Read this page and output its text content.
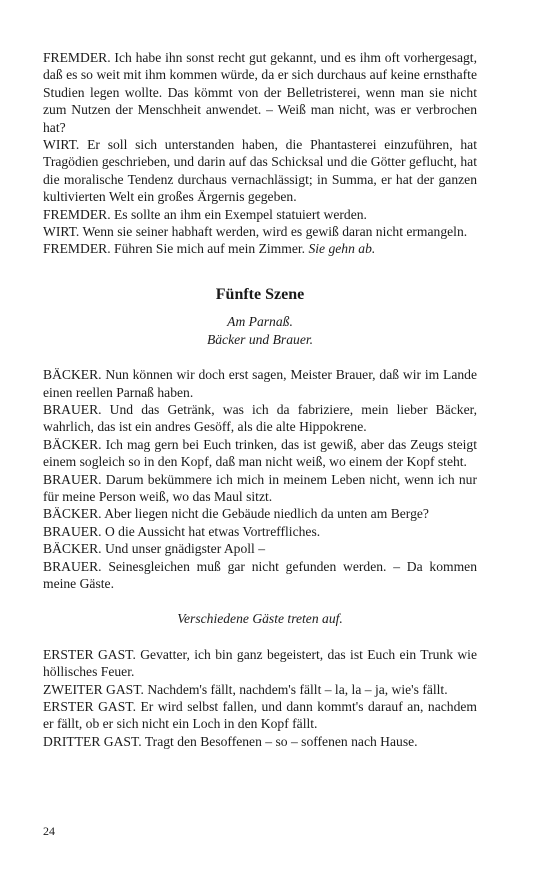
FREMDER. Ich habe ihn sonst recht gut gekannt, und es ihm oft vorhergesagt, daß es so weit mit ihm kommen würde, da er sich durchaus auf keine ernsthafte Studien legen wollte. Das kömmt von der Belletristerei, wenn man sie nicht zum Nutzen der Menschheit anwendet. – Weiß man nicht, was er verbrochen hat?

WIRT. Er soll sich unterstanden haben, die Phantasterei einzuführen, hat Tragödien geschrieben, und darin auf das Schicksal und die Götter geflucht, hat die moralische Tendenz durchaus vernachlässigt; in Summa, er hat der ganzen kultivierten Welt ein großes Ärgernis gegeben.

FREMDER. Es sollte an ihm ein Exempel statuiert werden.

WIRT. Wenn sie seiner habhaft werden, wird es gewiß daran nicht ermangeln.

FREMDER. Führen Sie mich auf mein Zimmer. Sie gehn ab.

Fünfte Szene

Am Parnaß.

Bäcker und Brauer.

BÄCKER. Nun können wir doch erst sagen, Meister Brauer, daß wir im Lande einen reellen Parnaß haben.

BRAUER. Und das Getränk, was ich da fabriziere, mein lieber Bäcker, wahrlich, das ist ein andres Gesöff, als die alte Hippokrene.

BÄCKER. Ich mag gern bei Euch trinken, das ist gewiß, aber das Zeugs steigt einem sogleich so in den Kopf, daß man nicht weiß, wo einem der Kopf steht.

BRAUER. Darum bekümmere ich mich in meinem Leben nicht, wenn ich nur für meine Person weiß, wo das Maul sitzt.

BÄCKER. Aber liegen nicht die Gebäude niedlich da unten am Berge?

BRAUER. O die Aussicht hat etwas Vortreffliches.

BÄCKER. Und unser gnädigster Apoll –

BRAUER. Seinesgleichen muß gar nicht gefunden werden. – Da kommen meine Gäste.

Verschiedene Gäste treten auf.

ERSTER GAST. Gevatter, ich bin ganz begeistert, das ist Euch ein Trunk wie höllisches Feuer.

ZWEITER GAST. Nachdem's fällt, nachdem's fällt – la, la – ja, wie's fällt.

ERSTER GAST. Er wird selbst fallen, und dann kommt's darauf an, nachdem er fällt, ob er sich nicht ein Loch in den Kopf fällt.

DRITTER GAST. Tragt den Besoffenen – so – soffenen nach Hause.

24
